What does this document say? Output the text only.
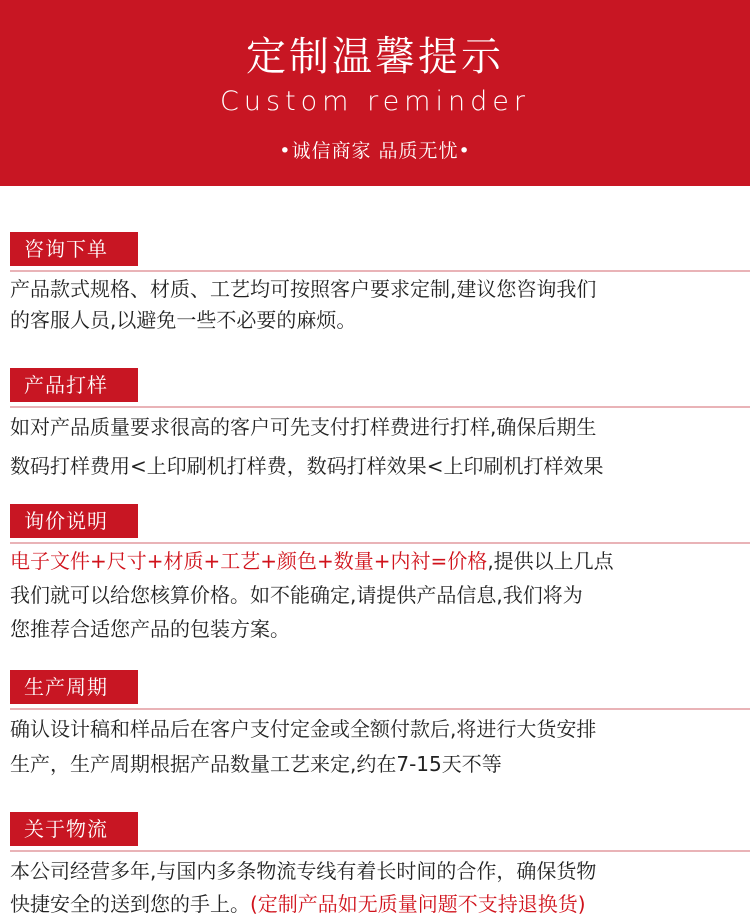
定制温馨提示
Custom reminder
•诚信商家 品质无忧•
咨询下单
产品款式规格、材质、工艺均可按照客户要求定制,建议您咨询我们
的客服人员,以避免一些不必要的麻烦。
产品打样
如对产品质量要求很高的客户可先支付打样费进行打样,确保后期生
数码打样费用<上印刷机打样费，数码打样效果<上印刷机打样效果
询价说明
电子文件+尺寸+材质+工艺+颜色+数量+内衬=价格,提供以上几点
我们就可以给您核算价格。如不能确定,请提供产品信息,我们将为
您推荐合适您产品的包装方案。
生产周期
确认设计稿和样品后在客户支付定金或全额付款后,将进行大货安排
生产，生产周期根据产品数量工艺来定,约在7-15天不等
关于物流
本公司经营多年,与国内多条物流专线有着长时间的合作，确保货物
快捷安全的送到您的手上。(定制产品如无质量问题不支持退换货)
